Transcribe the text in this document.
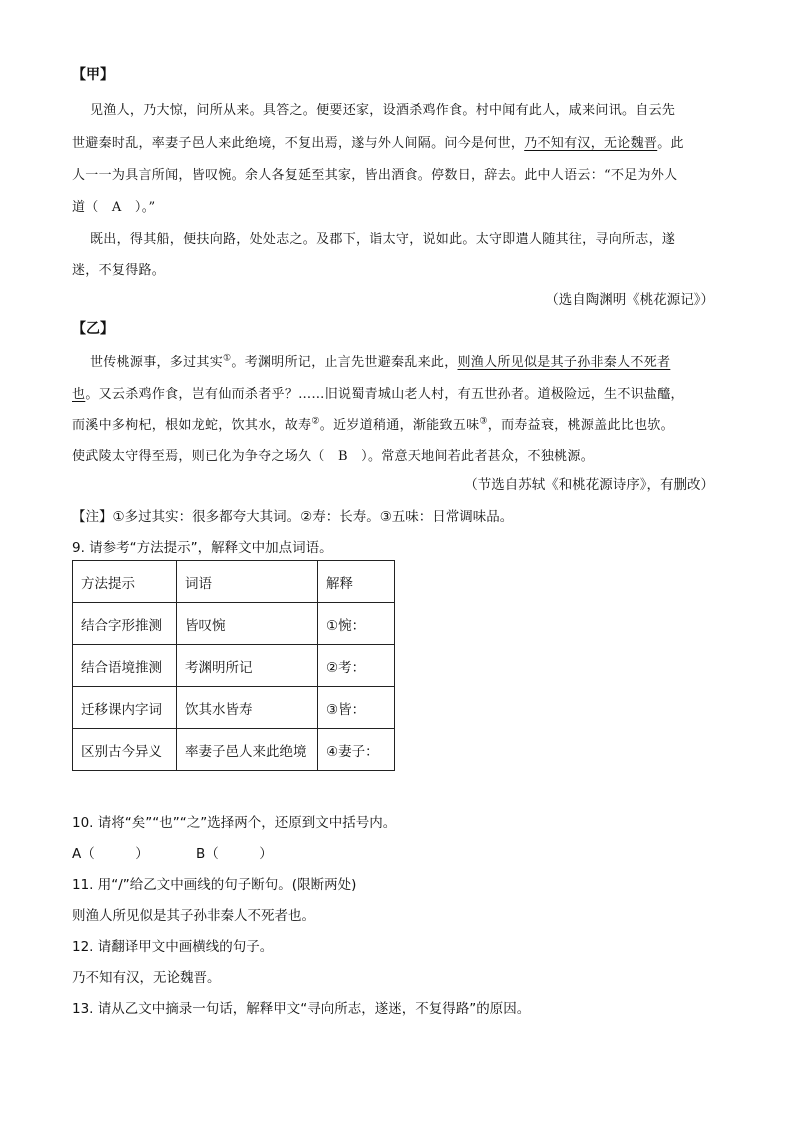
【甲】
见渔人，乃大惊，问所从来。具答之。便要还家，设酒杀鸡作食。村中闻有此人，咸来问讯。自云先
世避秦时乱，率妻子邑人来此绝境，不复出焉，遂与外人间隔。问今是何世，乃不知有汉，无论魏晋。此
人一一为具言所闻，皆叹惋。余人各复延至其家，皆出酒食。停数日，辞去。此中人语云：“不足为外人
道（　A　）。”
既出，得其船，便扶向路，处处志之。及郡下，诣太守，说如此。太守即遣人随其往，寻向所志，遂
迷，不复得路。
（选自陶渊明《桃花源记》）
【乙】
世传桃源事，多过其实①。考渊明所记，止言先世避秦乱来此，则渔人所见似是其子孙非秦人不死者
也。又云杀鸡作食，岂有仙而杀者乎？……旧说蜀青城山老人村，有五世孙者。道极险远，生不识盐醯，
而溪中多枸杞，根如龙蛇，饮其水，故寿②。近岁道稍通，渐能致五味③，而寿益衰，桃源盖此比也欤。
使武陵太守得至焉，则已化为争夺之场久（　B　）。常意天地间若此者甚众，不独桃源。
（节选自苏轼《和桃花源诗序》，有删改）
【注】①多过其实：很多都夸大其词。②寿：长寿。③五味：日常调味品。
9. 请参考“方法提示”，解释文中加点词语。
方法提示	词语	解释
结合字形推测	皆叹惋	①惋：
结合语境推测	考渊明所记	②考：
迁移课内字词	饮其水皆寿	③皆：
区别古今异义	率妻子邑人来此绝境	④妻子：
10. 请将“矣”“也”“之”选择两个，还原到文中括号内。
A（　　　）	B（　　　）
11. 用“/”给乙文中画线的句子断句。(限断两处)
则渔人所见似是其子孙非秦人不死者也。
12. 请翻译甲文中画横线的句子。
乃不知有汉，无论魏晋。
13. 请从乙文中摘录一句话，解释甲文“寻向所志，遂迷，不复得路”的原因。
